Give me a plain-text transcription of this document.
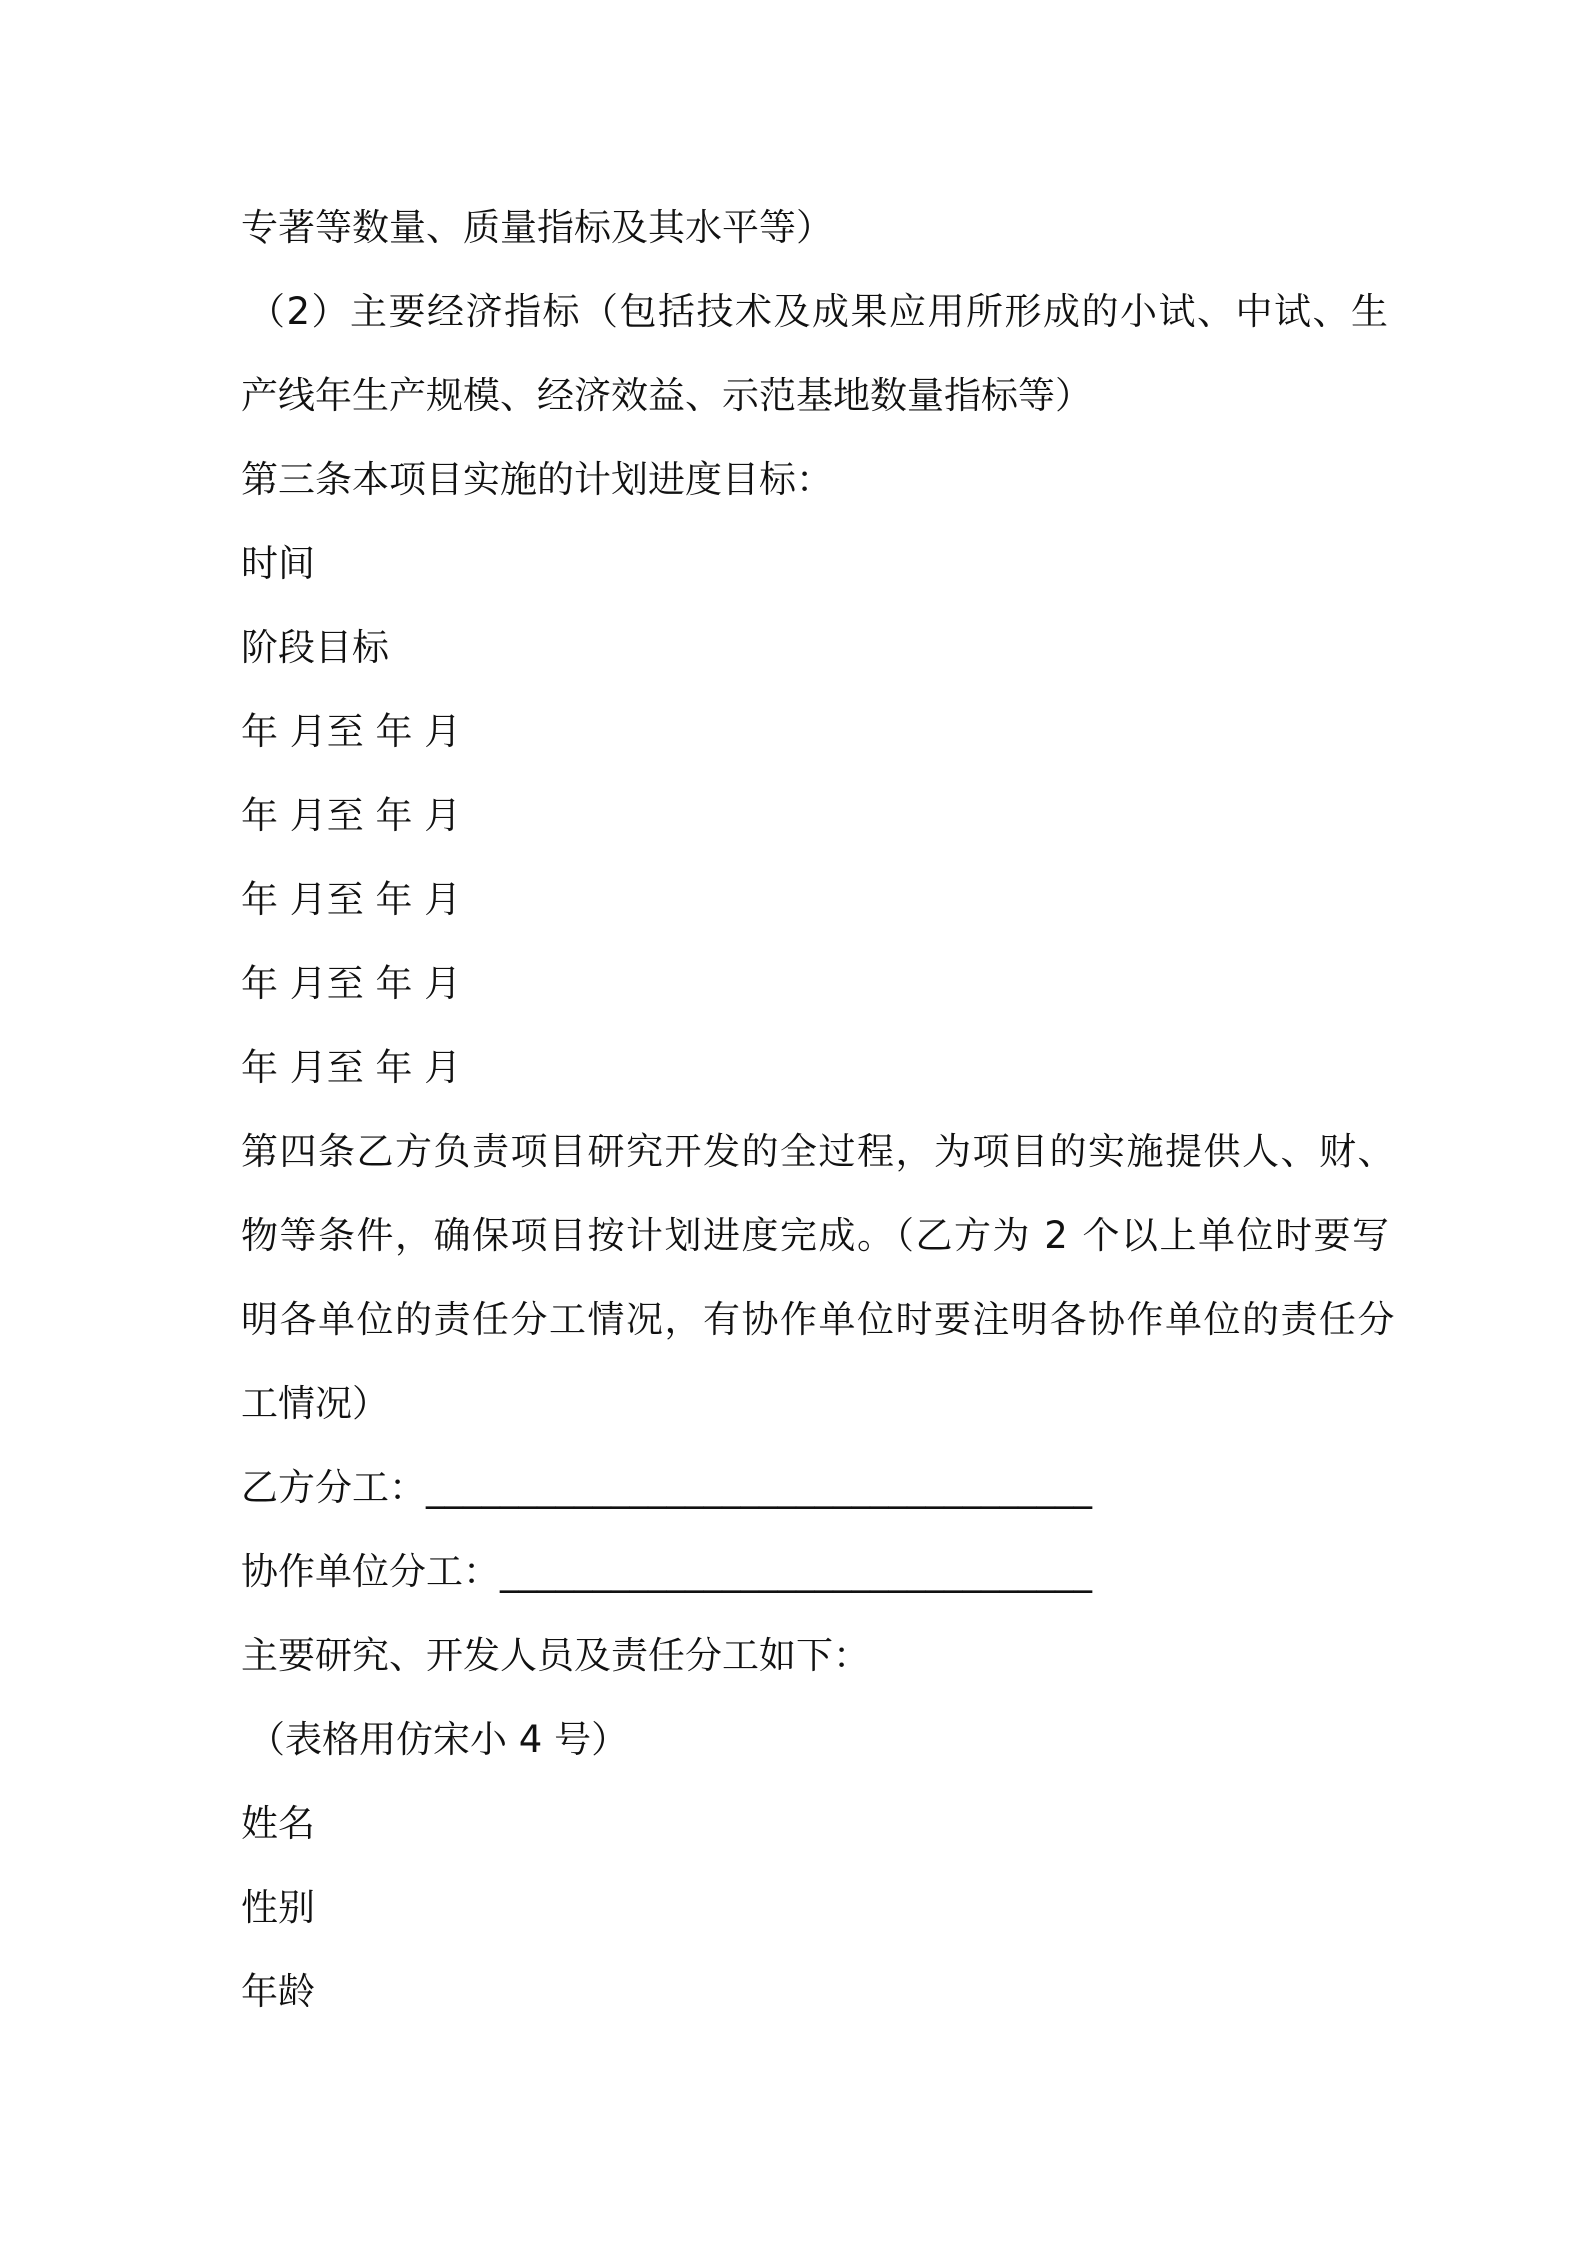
专著等数量、质量指标及其水平等）
（2）主要经济指标（包括技术及成果应用所形成的小试、中试、生
产线年生产规模、经济效益、示范基地数量指标等）
第三条本项目实施的计划进度目标：
时间
阶段目标
年 月至 年 月
年 月至 年 月
年 月至 年 月
年 月至 年 月
年 月至 年 月
第四条乙方负责项目研究开发的全过程，为项目的实施提供人、财、
物等条件，确保项目按计划进度完成。（乙方为 2 个以上单位时要写
明各单位的责任分工情况，有协作单位时要注明各协作单位的责任分
工情况）
乙方分工：____________________________________
协作单位分工：________________________________
主要研究、开发人员及责任分工如下：
（表格用仿宋小 4 号）
姓名
性别
年龄
